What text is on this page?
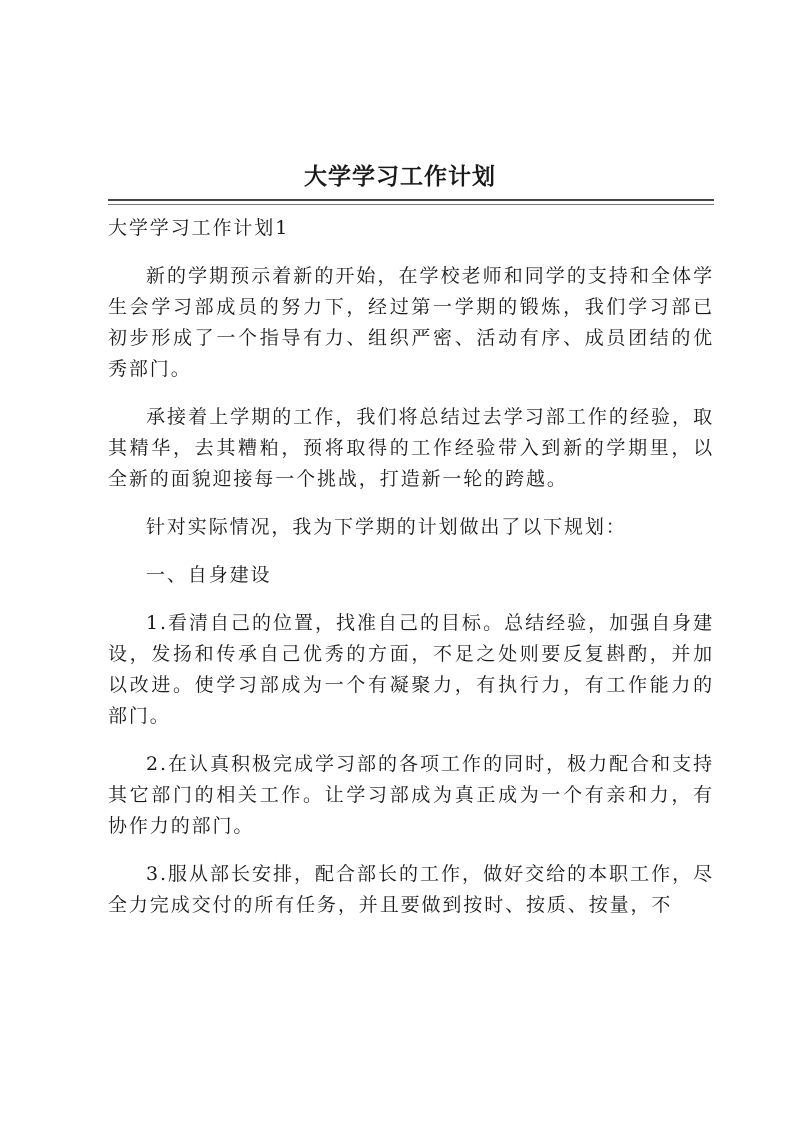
大学学习工作计划

大学学习工作计划1

新的学期预示着新的开始，在学校老师和同学的支持和全体学生会学习部成员的努力下，经过第一学期的锻炼，我们学习部已初步形成了一个指导有力、组织严密、活动有序、成员团结的优秀部门。

承接着上学期的工作，我们将总结过去学习部工作的经验，取其精华，去其糟粕，预将取得的工作经验带入到新的学期里，以全新的面貌迎接每一个挑战，打造新一轮的跨越。

针对实际情况，我为下学期的计划做出了以下规划：

一、自身建设

1.看清自己的位置，找准自己的目标。总结经验，加强自身建设，发扬和传承自己优秀的方面，不足之处则要反复斟酌，并加以改进。使学习部成为一个有凝聚力，有执行力，有工作能力的部门。

2.在认真积极完成学习部的各项工作的同时，极力配合和支持其它部门的相关工作。让学习部成为真正成为一个有亲和力，有协作力的部门。

3.服从部长安排，配合部长的工作，做好交给的本职工作，尽全力完成交付的所有任务，并且要做到按时、按质、按量，不
